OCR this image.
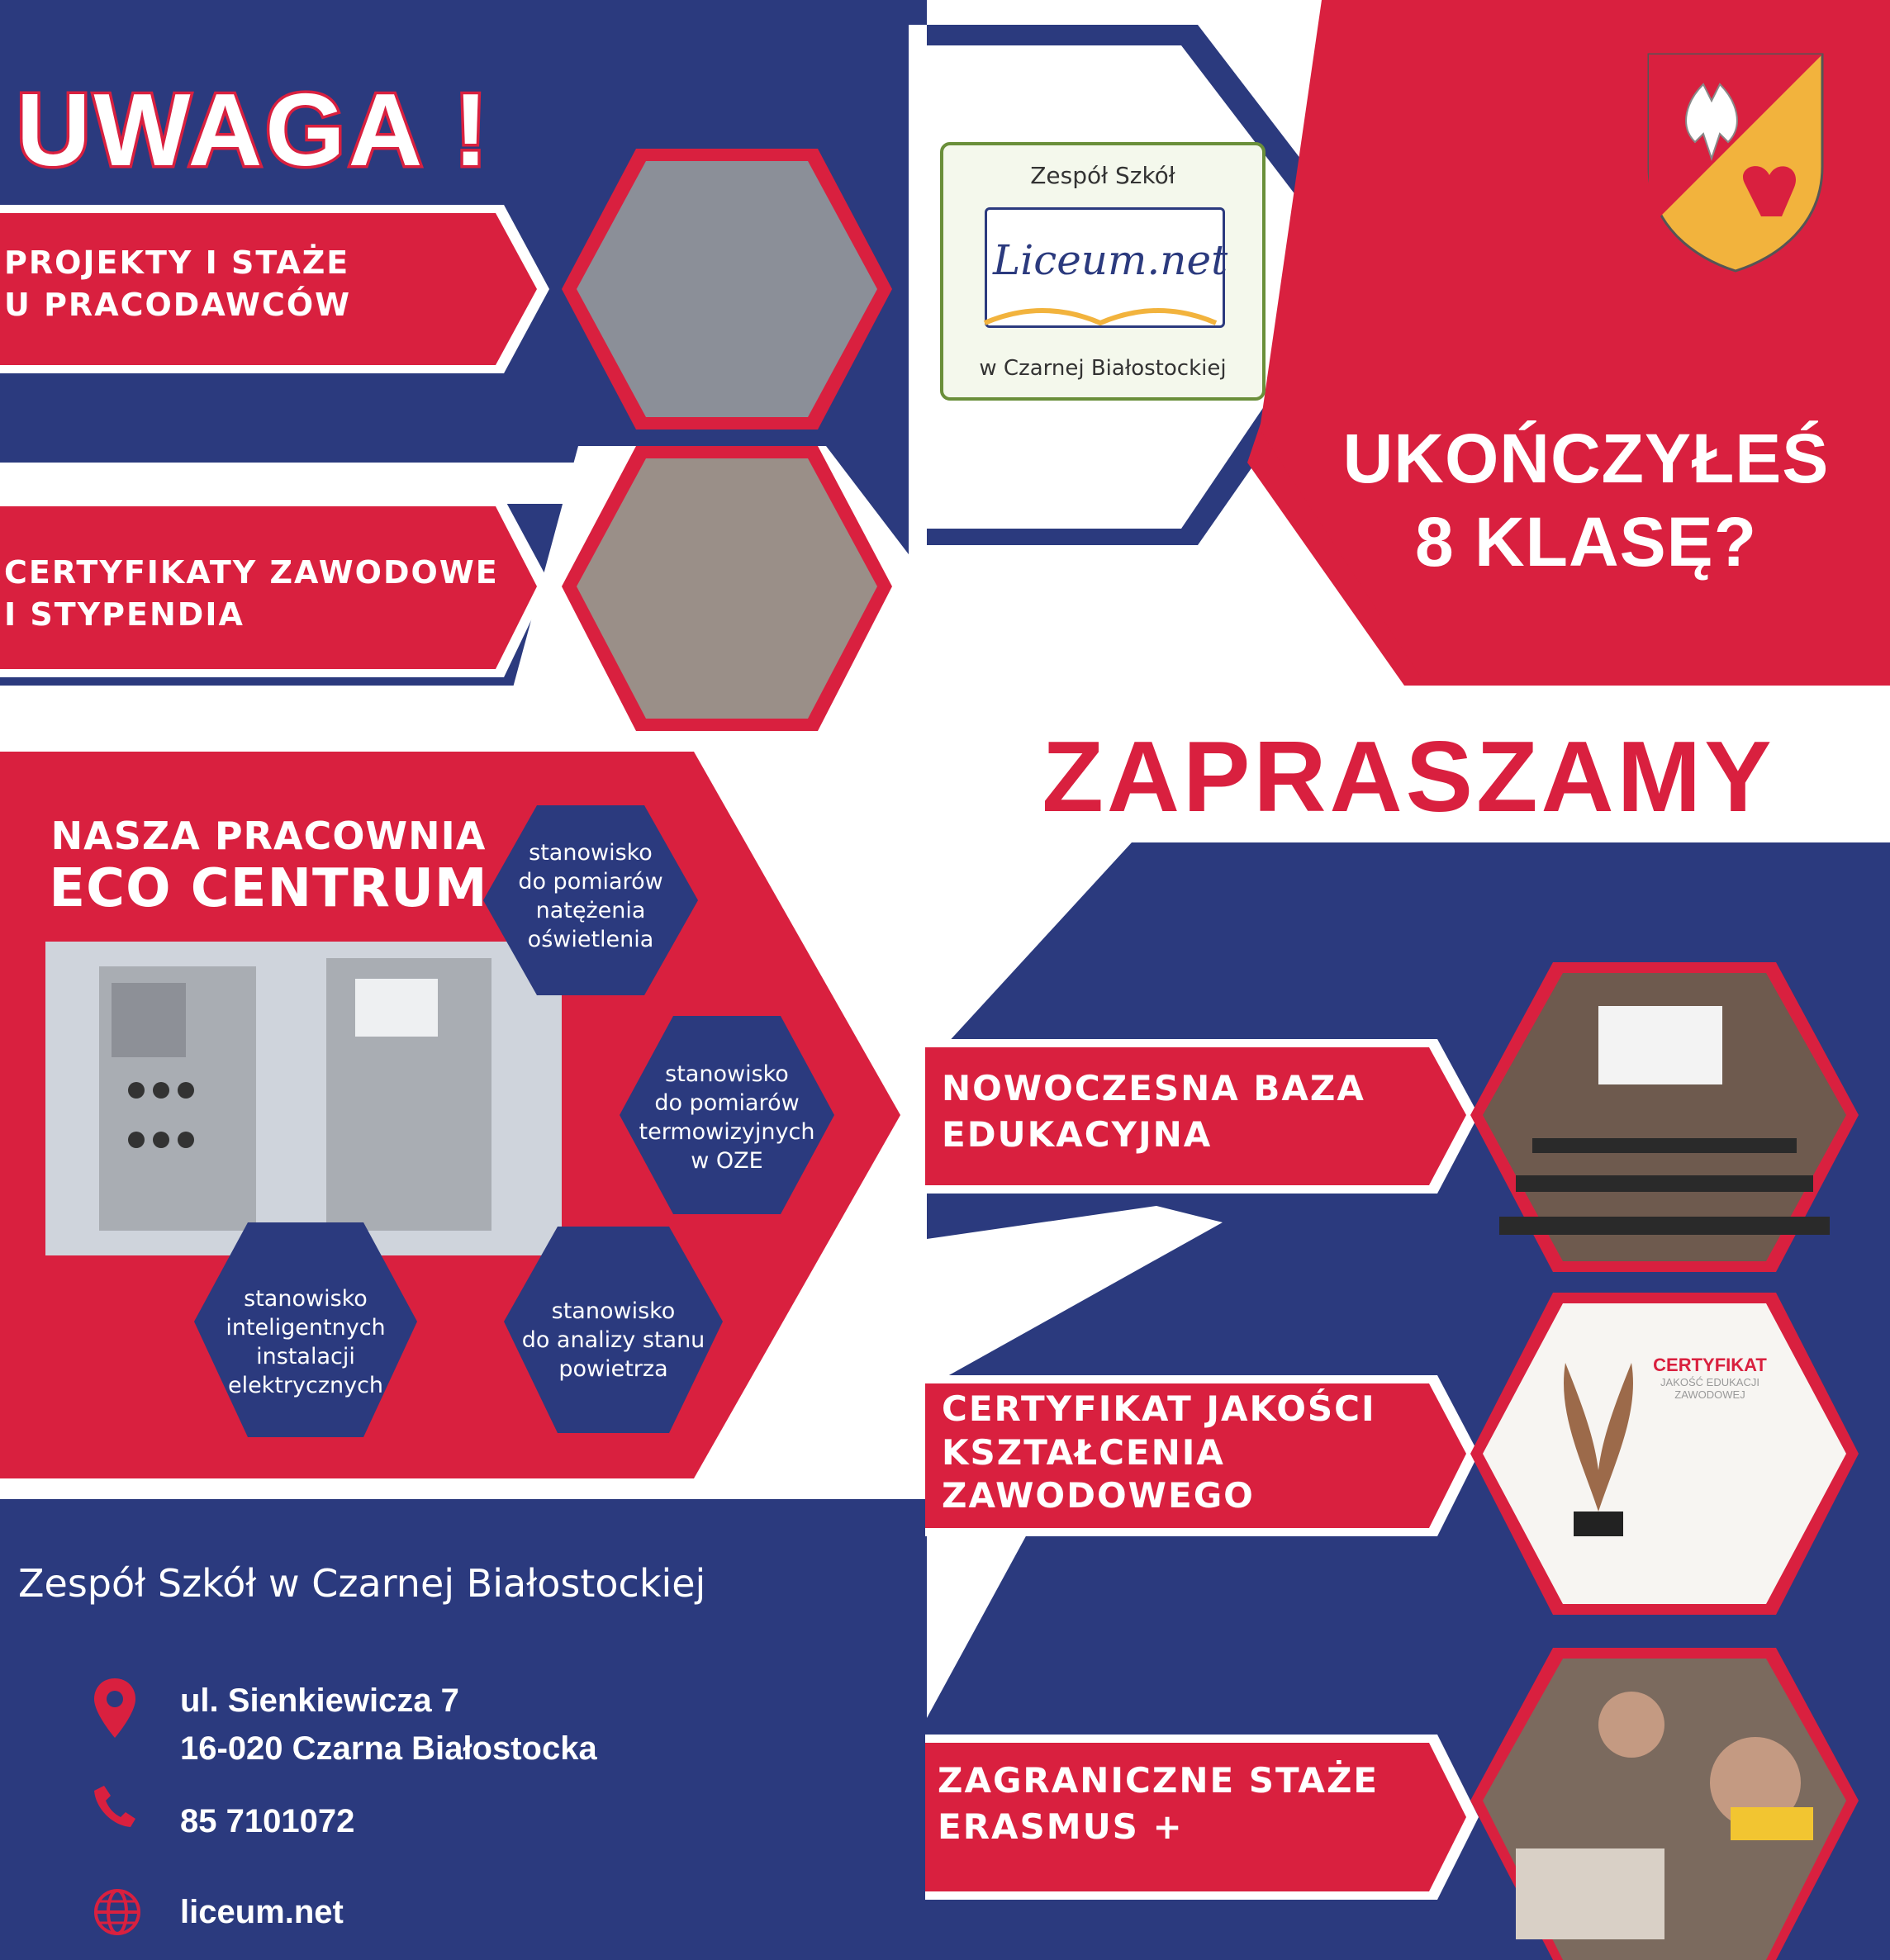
UWAGA !
PROJEKTY I STAŻE
U PRACODAWCÓW
CERTYFIKATY ZAWODOWE
I STYPENDIA
NASZA PRACOWNIA
ECO CENTRUM
stanowisko
do pomiarów
natężenia
oświetlenia
stanowisko
do pomiarów
termowizyjnych
w OZE
stanowisko
inteligentnych
instalacji
elektrycznych
stanowisko
do analizy stanu
powietrza
Zespół Szkół w Czarnej Białostockiej
ul. Sienkiewicza 7
16-020 Czarna Białostocka
85 7101072
liceum.net
Zespół Szkół
Liceum.net
w Czarnej Białostockiej
UKOŃCZYŁEŚ
8 KLASĘ?
ZAPRASZAMY
NOWOCZESNA BAZA
EDUKACYJNA
CERTYFIKAT JAKOŚCI
KSZTAŁCENIA
ZAWODOWEGO
ZAGRANICZNE STAŻE
ERASMUS +
CERTYFIKAT
JAKOŚĆ EDUKACJI
ZAWODOWEJ
